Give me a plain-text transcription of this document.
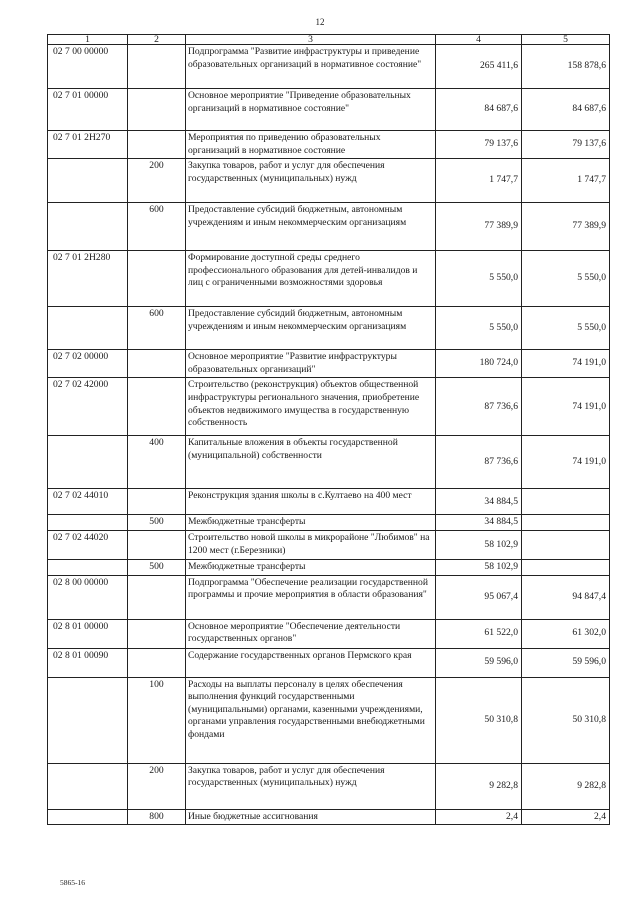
12
1	2	3	4	5
02 7 00 00000		Подпрограмма "Развитие инфраструктуры и приведение образовательных организаций в нормативное состояние"	265 411,6	158 878,6
02 7 01 00000		Основное мероприятие "Приведение образовательных организаций в нормативное состояние"	84 687,6	84 687,6
02 7 01 2Н270		Мероприятия по приведению образовательных организаций в нормативное состояние	79 137,6	79 137,6
	200	Закупка товаров, работ и услуг для обеспечения государственных (муниципальных) нужд	1 747,7	1 747,7
	600	Предоставление субсидий бюджетным, автономным учреждениям и иным некоммерческим организациям	77 389,9	77 389,9
02 7 01 2Н280		Формирование доступной среды среднего профессионального образования для детей-инвалидов и лиц с ограниченными возможностями здоровья	5 550,0	5 550,0
	600	Предоставление субсидий бюджетным, автономным учреждениям и иным некоммерческим организациям	5 550,0	5 550,0
02 7 02 00000		Основное мероприятие "Развитие инфраструктуры образовательных организаций"	180 724,0	74 191,0
02 7 02 42000		Строительство (реконструкция) объектов общественной инфраструктуры регионального значения, приобретение объектов недвижимого имущества в государственную собственность	87 736,6	74 191,0
	400	Капитальные вложения в объекты государственной (муниципальной) собственности	87 736,6	74 191,0
02 7 02 44010		Реконструкция здания школы в с.Култаево на 400 мест	34 884,5	
	500	Межбюджетные трансферты	34 884,5	
02 7 02 44020		Строительство новой школы в микрорайоне "Любимов" на 1200 мест (г.Березники)	58 102,9	
	500	Межбюджетные трансферты	58 102,9	
02 8 00 00000		Подпрограмма "Обеспечение реализации государственной программы и прочие мероприятия в области образования"	95 067,4	94 847,4
02 8 01 00000		Основное мероприятие "Обеспечение деятельности государственных органов"	61 522,0	61 302,0
02 8 01 00090		Содержание государственных органов Пермского края	59 596,0	59 596,0
	100	Расходы на выплаты персоналу в целях обеспечения выполнения функций государственными (муниципальными) органами, казенными учреждениями, органами управления государственными внебюджетными фондами	50 310,8	50 310,8
	200	Закупка товаров, работ и услуг для обеспечения государственных (муниципальных) нужд	9 282,8	9 282,8
	800	Иные бюджетные ассигнования	2,4	2,4
5865-16
